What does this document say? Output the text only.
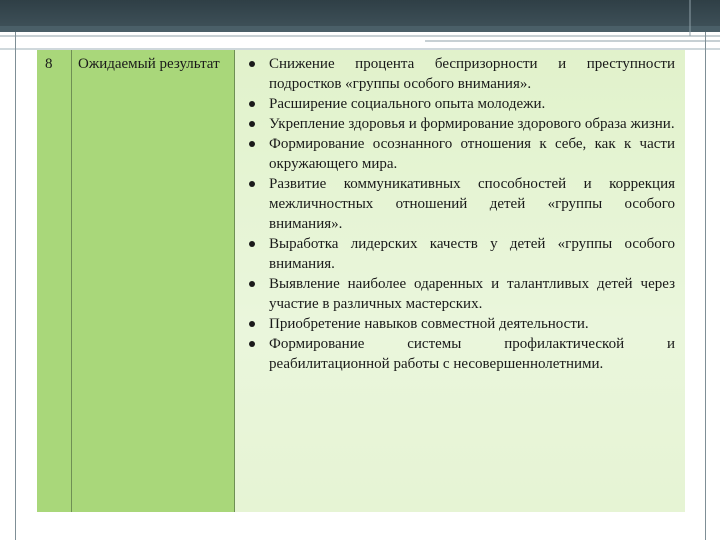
8	Ожидаемый результат	Снижение процента беспризорности и преступности подростков «группы особого внимания».
Расширение социального опыта молодежи.
Укрепление здоровья и формирование здорового образа жизни.
Формирование осознанного отношения к себе, как к части окружающего мира.
Развитие коммуникативных способностей и коррекция межличностных отношений детей «группы особого внимания».
Выработка лидерских качеств у детей «группы особого внимания.
Выявление наиболее одаренных и талантливых детей через участие в различных мастерских.
Приобретение навыков совместной деятельности.
Формирование системы профилактической и реабилитационной работы с несовершеннолетними.
